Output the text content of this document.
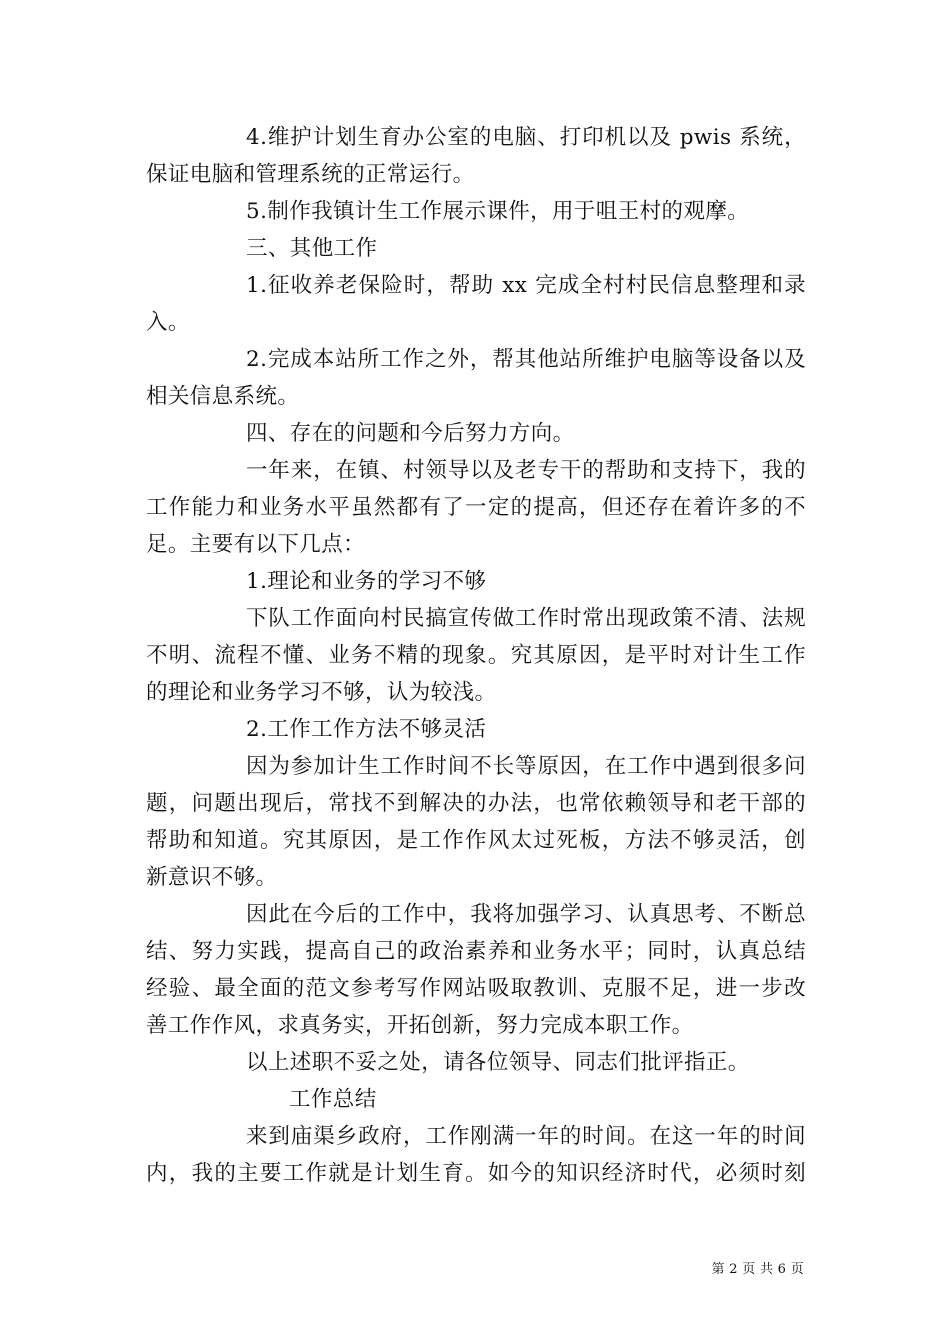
4.维护计划生育办公室的电脑、打印机以及 pwis 系统，
保证电脑和管理系统的正常运行。
5.制作我镇计生工作展示课件，用于咀王村的观摩。
三、其他工作
1.征收养老保险时，帮助 xx 完成全村村民信息整理和录
入。
2.完成本站所工作之外，帮其他站所维护电脑等设备以及
相关信息系统。
四、存在的问题和今后努力方向。
一年来，在镇、村领导以及老专干的帮助和支持下，我的
工作能力和业务水平虽然都有了一定的提高，但还存在着许多的不
足。主要有以下几点：
1.理论和业务的学习不够
下队工作面向村民搞宣传做工作时常出现政策不清、法规
不明、流程不懂、业务不精的现象。究其原因，是平时对计生工作
的理论和业务学习不够，认为较浅。
2.工作工作方法不够灵活
因为参加计生工作时间不长等原因，在工作中遇到很多问
题，问题出现后，常找不到解决的办法，也常依赖领导和老干部的
帮助和知道。究其原因，是工作作风太过死板，方法不够灵活，创
新意识不够。
因此在今后的工作中，我将加强学习、认真思考、不断总
结、努力实践，提高自己的政治素养和业务水平；同时，认真总结
经验、最全面的范文参考写作网站吸取教训、克服不足，进一步改
善工作作风，求真务实，开拓创新，努力完成本职工作。
以上述职不妥之处，请各位领导、同志们批评指正。
工作总结
来到庙渠乡政府，工作刚满一年的时间。在这一年的时间
内，我的主要工作就是计划生育。如今的知识经济时代，必须时刻
第 2 页 共 6 页
